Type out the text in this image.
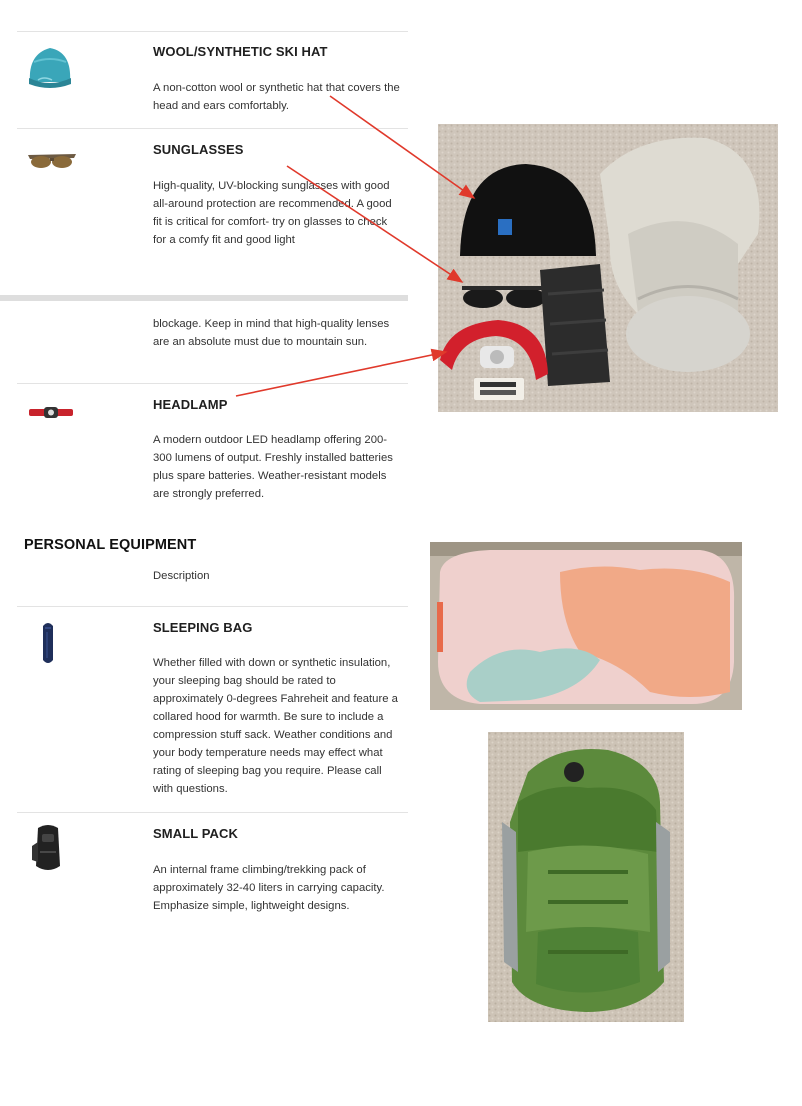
WOOL/SYNTHETIC SKI HAT
A non-cotton wool or synthetic hat that covers the head and ears comfortably.
SUNGLASSES
High-quality, UV-blocking sunglasses with good all-around protection are recommended. A good fit is critical for comfort- try on glasses to check for a comfy fit and good light
blockage. Keep in mind that high-quality lenses are an absolute must due to mountain sun.
HEADLAMP
A modern outdoor LED headlamp offering 200-300 lumens of output. Freshly installed batteries plus spare batteries. Weather-resistant models are strongly preferred.
PERSONAL EQUIPMENT
Description
SLEEPING BAG
Whether filled with down or synthetic insulation, your sleeping bag should be rated to approximately 0-degrees Fahreheit and feature a collared hood for warmth. Be sure to include a compression stuff sack. Weather conditions and your body temperature needs may effect what rating of sleeping bag you require. Please call with questions.
SMALL PACK
An internal frame climbing/trekking pack of approximately 32-40 liters in carrying capacity. Emphasize simple, lightweight designs.
